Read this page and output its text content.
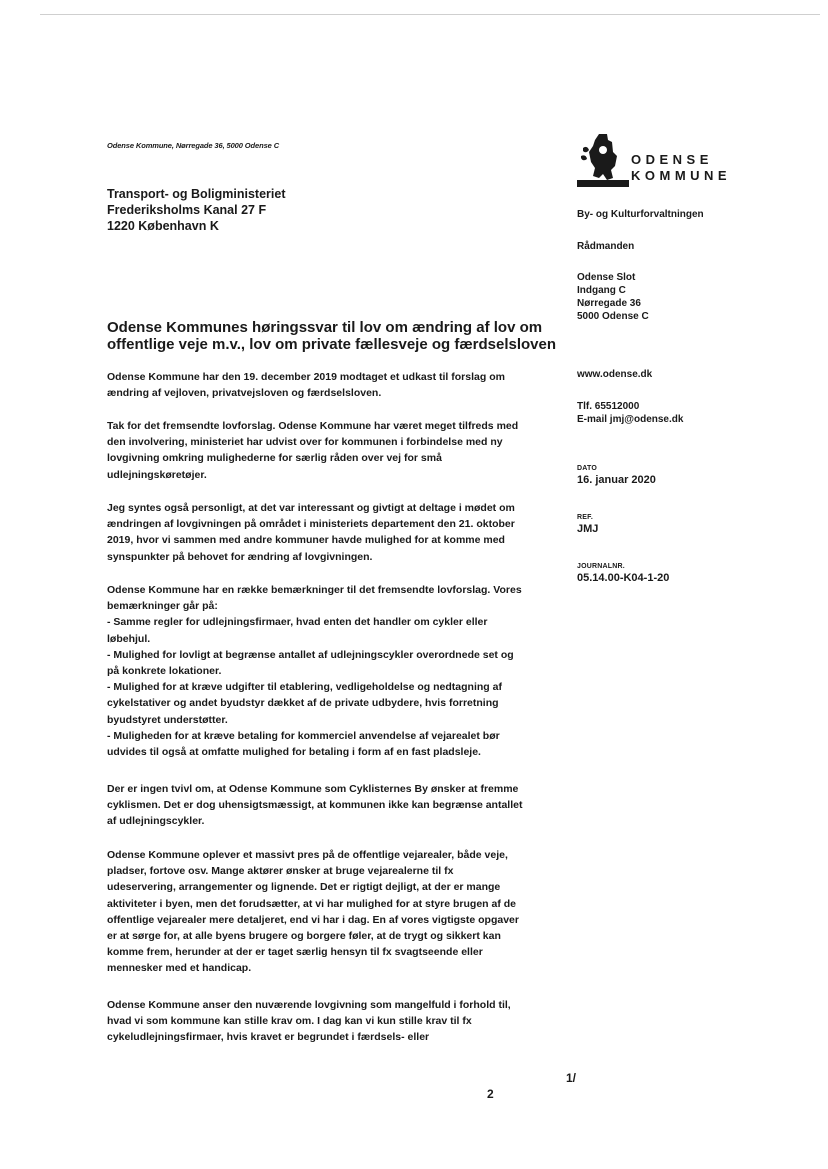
Odense Kommune, Nørregade 36, 5000 Odense C
Transport- og Boligministeriet
Frederiksholms Kanal 27 F
1220 København K
ODENSE
KOMMUNE
By- og Kulturforvaltningen
Rådmanden
Odense Slot
Indgang C
Nørregade 36
5000 Odense C
www.odense.dk
Tlf. 65512000
E-mail jmj@odense.dk
DATO
16. januar 2020
REF.
JMJ
JOURNALNR.
05.14.00-K04-1-20
Odense Kommunes høringssvar til lov om ændring af lov om
offentlige veje m.v., lov om private fællesveje og færdselsloven
Odense Kommune har den 19. december 2019 modtaget et udkast til forslag om
ændring af vejloven, privatvejsloven og færdselsloven.
Tak for det fremsendte lovforslag. Odense Kommune har været meget tilfreds med
den involvering, ministeriet har udvist over for kommunen i forbindelse med ny
lovgivning omkring mulighederne for særlig råden over vej for små
udlejningskøretøjer.
Jeg syntes også personligt, at det var interessant og givtigt at deltage i mødet om
ændringen af lovgivningen på området i ministeriets departement den 21. oktober
2019, hvor vi sammen med andre kommuner havde mulighed for at komme med
synspunkter på behovet for ændring af lovgivningen.
Odense Kommune har en række bemærkninger til det fremsendte lovforslag. Vores
bemærkninger går på:
- Samme regler for udlejningsfirmaer, hvad enten det handler om cykler eller
løbehjul.
- Mulighed for lovligt at begrænse antallet af udlejningscykler overordnede set og
på konkrete lokationer.
- Mulighed for at kræve udgifter til etablering, vedligeholdelse og nedtagning af
cykelstativer og andet byudstyr dækket af de private udbydere, hvis forretning
byudstyret understøtter.
- Muligheden for at kræve betaling for kommerciel anvendelse af vejarealet bør
udvides til også at omfatte mulighed for betaling i form af en fast pladsleje.
Der er ingen tvivl om, at Odense Kommune som Cyklisternes By ønsker at fremme
cyklismen. Det er dog uhensigtsmæssigt, at kommunen ikke kan begrænse antallet
af udlejningscykler.
Odense Kommune oplever et massivt pres på de offentlige vejarealer, både veje,
pladser, fortove osv. Mange aktører ønsker at bruge vejarealerne til fx
udeservering, arrangementer og lignende. Det er rigtigt dejligt, at der er mange
aktiviteter i byen, men det forudsætter, at vi har mulighed for at styre brugen af de
offentlige vejarealer mere detaljeret, end vi har i dag. En af vores vigtigste opgaver
er at sørge for, at alle byens brugere og borgere føler, at de trygt og sikkert kan
komme frem, herunder at der er taget særlig hensyn til fx svagtseende eller
mennesker med et handicap.
Odense Kommune anser den nuværende lovgivning som mangelfuld i forhold til,
hvad vi som kommune kan stille krav om. I dag kan vi kun stille krav til fx
cykeludlejningsfirmaer, hvis kravet er begrundet i færdsels- eller
1/
2
